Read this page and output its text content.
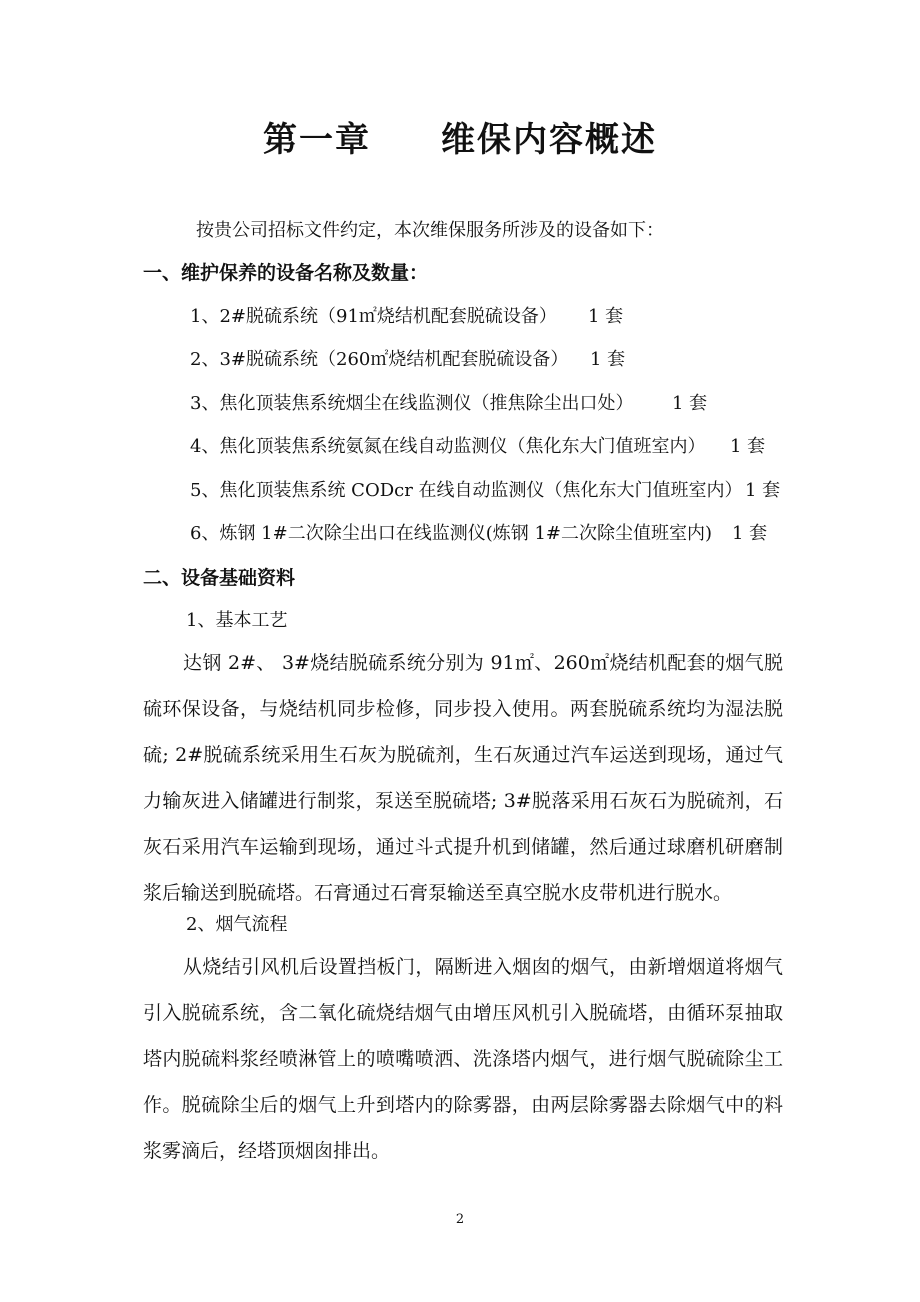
第一章 维保内容概述
按贵公司招标文件约定，本次维保服务所涉及的设备如下：
一、维护保养的设备名称及数量：
1、2#脱硫系统（91㎡烧结机配套脱硫设备） 1 套
2、3#脱硫系统（260㎡烧结机配套脱硫设备） 1 套
3、焦化顶装焦系统烟尘在线监测仪（推焦除尘出口处） 1 套
4、焦化顶装焦系统氨氮在线自动监测仪（焦化东大门值班室内） 1 套
5、焦化顶装焦系统 CODcr 在线自动监测仪（焦化东大门值班室内） 1 套
6、炼钢 1#二次除尘出口在线监测仪(炼钢 1#二次除尘值班室内) 1 套
二、设备基础资料
1、基本工艺
达钢 2#、 3#烧结脱硫系统分别为 91㎡、260㎡烧结机配套的烟气脱硫环保设备，与烧结机同步检修，同步投入使用。两套脱硫系统均为湿法脱硫; 2#脱硫系统采用生石灰为脱硫剂，生石灰通过汽车运送到现场，通过气力输灰进入储罐进行制浆，泵送至脱硫塔; 3#脱落采用石灰石为脱硫剂，石灰石采用汽车运输到现场，通过斗式提升机到储罐，然后通过球磨机研磨制浆后输送到脱硫塔。石膏通过石膏泵输送至真空脱水皮带机进行脱水。
2、烟气流程
从烧结引风机后设置挡板门，隔断进入烟囱的烟气，由新增烟道将烟气引入脱硫系统，含二氧化硫烧结烟气由增压风机引入脱硫塔，由循环泵抽取塔内脱硫料浆经喷淋管上的喷嘴喷洒、洗涤塔内烟气，进行烟气脱硫除尘工作。脱硫除尘后的烟气上升到塔内的除雾器，由两层除雾器去除烟气中的料浆雾滴后，经塔顶烟囱排出。
2
